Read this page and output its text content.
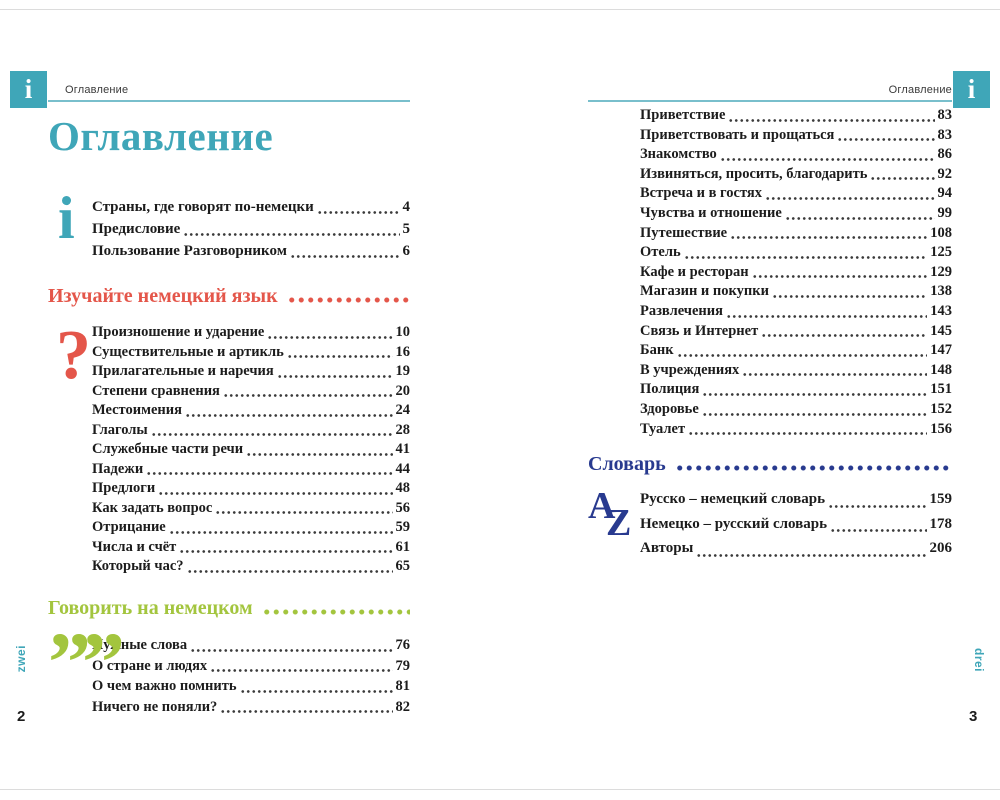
i	Оглавление
Оглавление
i Страны, где говорят по-немецки	4
Предисловие	5
Пользование Разговорником	6
Изучайте немецкий язык
? Произношение и ударение	10
Существительные и артикль	16
Прилагательные и наречия	19
Степени сравнения	20
Местоимения	24
Глаголы	28
Служебные части речи	41
Падежи	44
Предлоги	48
Как задать вопрос	56
Отрицание	59
Числа и счёт	61
Который час?	65
Говорить на немецком
””
Нужные слова	76
О стране и людях	79
О чем важно помнить	81
Ничего не поняли?	82
zwei
2
i
Оглавление
Приветствие	83
Приветствовать и прощаться	83
Знакомство	86
Извиняться, просить, благодарить	92
Встреча и в гостях	94
Чувства и отношение	99
Путешествие	108
Отель	125
Кафе и ресторан	129
Магазин и покупки	138
Развлечения	143
Связь и Интернет	145
Банк	147
В учреждениях	148
Полиция	151
Здоровье	152
Туалет	156
Словарь
A
Z
Русско – немецкий словарь	159
Немецко – русский словарь	178
Авторы	206
drei
3
